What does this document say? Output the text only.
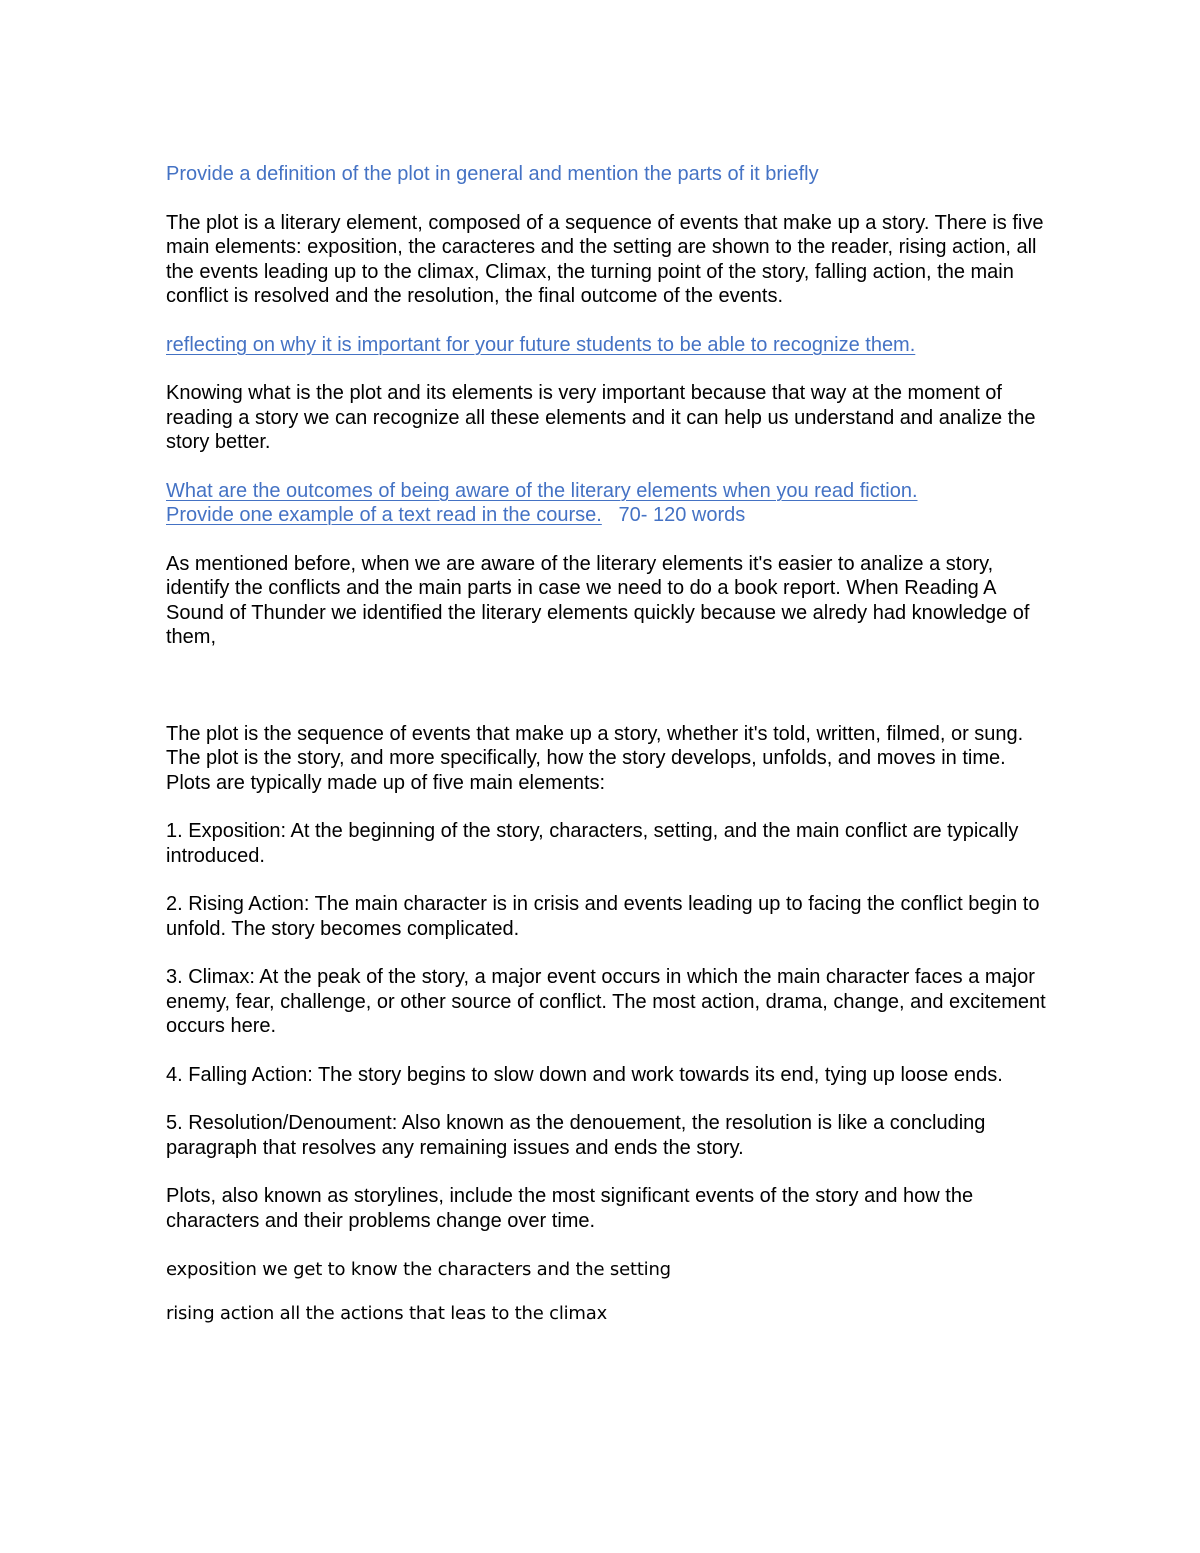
Provide a definition of the plot in general and mention the parts of it briefly

The plot is a literary element, composed of a sequence of events that make up a story. There is five main elements: exposition, the caracteres and the setting are shown to the reader, rising action, all the events leading up to the climax, Climax, the turning point of the story, falling action, the main conflict is resolved and the resolution, the final outcome of the events.

reflecting on why it is important for your future students to be able to recognize them.

Knowing what is the plot and its elements is very important because that way at the moment of reading a story we can recognize all these elements and it can help us understand and analize the story better.

What are the outcomes of being aware of the literary elements when you read fiction.
Provide one example of a text read in the course. 70- 120 words

As mentioned before, when we are aware of the literary elements it's easier to analize a story, identify the conflicts and the main parts in case we need to do a book report. When Reading A Sound of Thunder we identified the literary elements quickly because we alredy had knowledge of them,

The plot is the sequence of events that make up a story, whether it's told, written, filmed, or sung. The plot is the story, and more specifically, how the story develops, unfolds, and moves in time. Plots are typically made up of five main elements:

1. Exposition: At the beginning of the story, characters, setting, and the main conflict are typically introduced.

2. Rising Action: The main character is in crisis and events leading up to facing the conflict begin to unfold. The story becomes complicated.

3. Climax: At the peak of the story, a major event occurs in which the main character faces a major enemy, fear, challenge, or other source of conflict. The most action, drama, change, and excitement occurs here.

4. Falling Action: The story begins to slow down and work towards its end, tying up loose ends.

5. Resolution/Denoument: Also known as the denouement, the resolution is like a concluding paragraph that resolves any remaining issues and ends the story.

Plots, also known as storylines, include the most significant events of the story and how the characters and their problems change over time.

exposition we get to know the characters and the setting

rising action all the actions that leas to the climax
